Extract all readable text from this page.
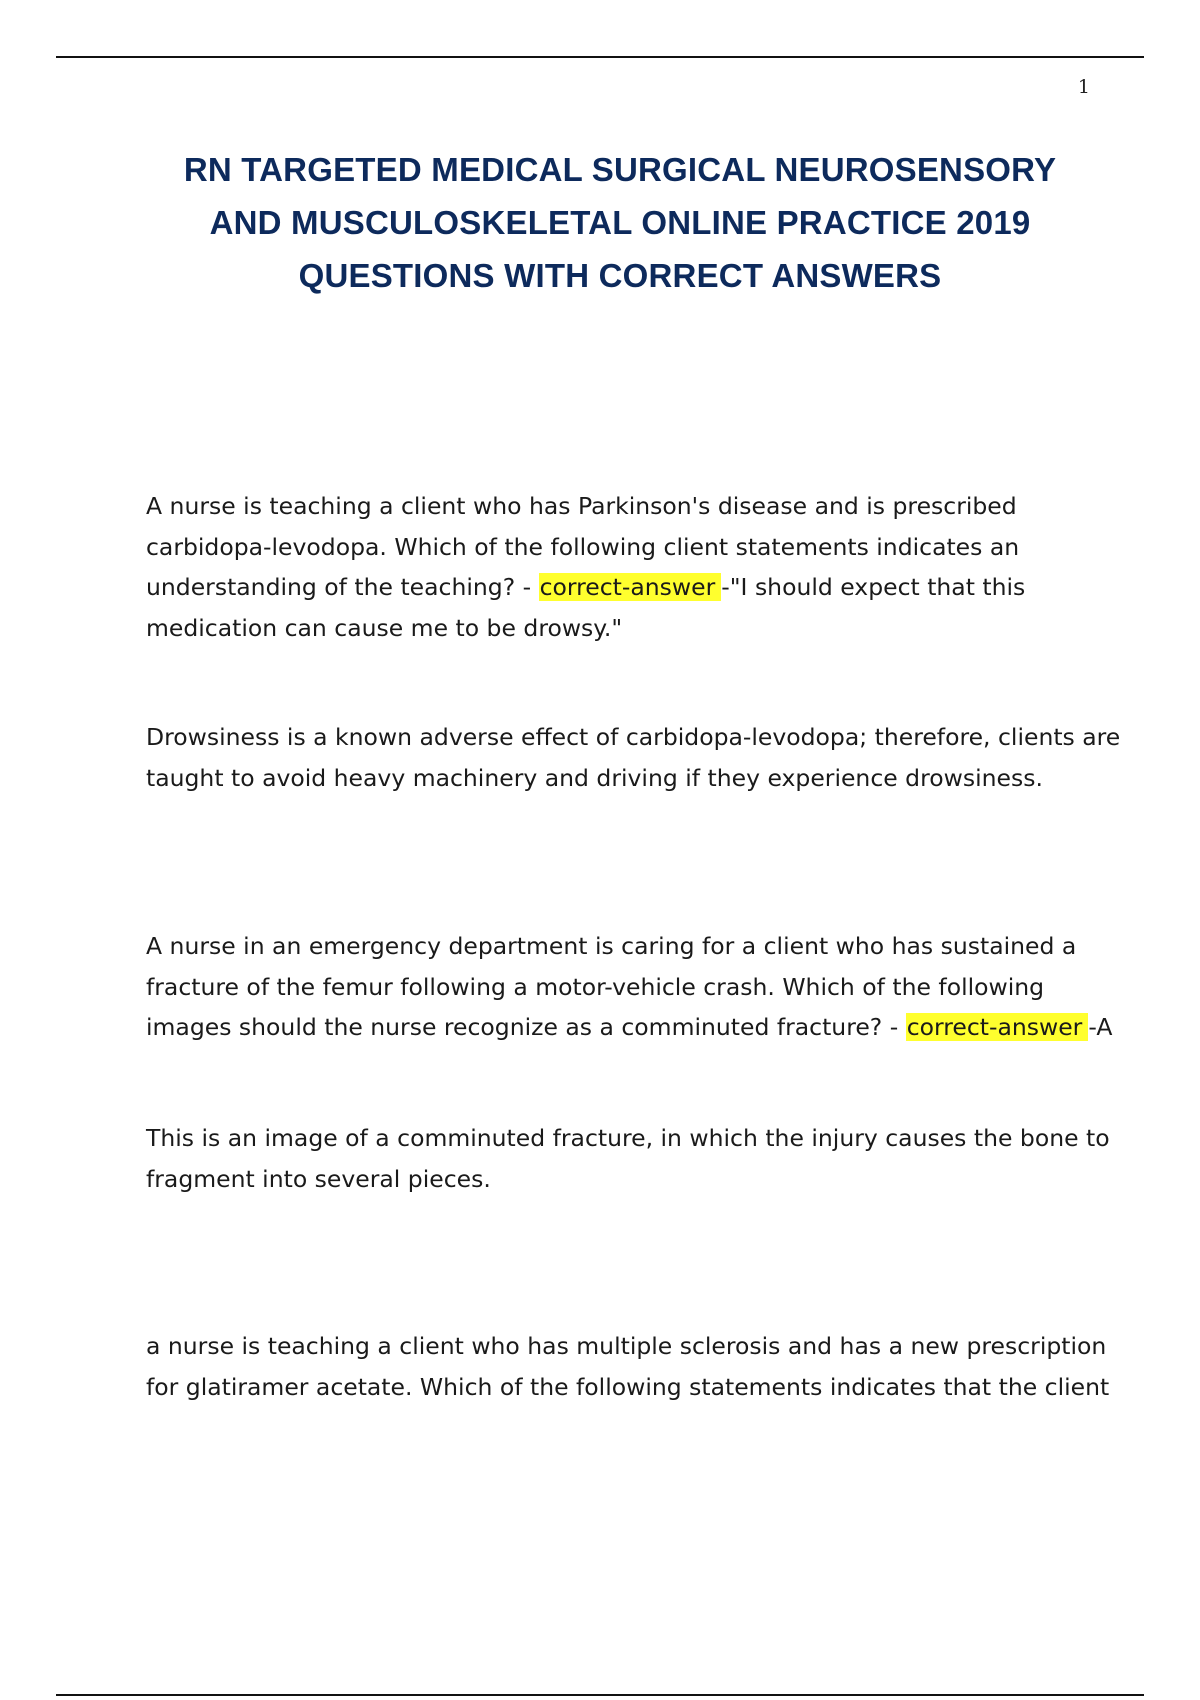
1
RN TARGETED MEDICAL SURGICAL NEUROSENSORY
AND MUSCULOSKELETAL ONLINE PRACTICE 2019
QUESTIONS WITH CORRECT ANSWERS
A nurse is teaching a client who has Parkinson's disease and is prescribed
carbidopa-levodopa. Which of the following client statements indicates an
understanding of the teaching? - correct-answer -"I should expect that this
medication can cause me to be drowsy."
Drowsiness is a known adverse effect of carbidopa-levodopa; therefore, clients are
taught to avoid heavy machinery and driving if they experience drowsiness.
A nurse in an emergency department is caring for a client who has sustained a
fracture of the femur following a motor-vehicle crash. Which of the following
images should the nurse recognize as a comminuted fracture? - correct-answer -A
This is an image of a comminuted fracture, in which the injury causes the bone to
fragment into several pieces.
a nurse is teaching a client who has multiple sclerosis and has a new prescription
for glatiramer acetate. Which of the following statements indicates that the client
